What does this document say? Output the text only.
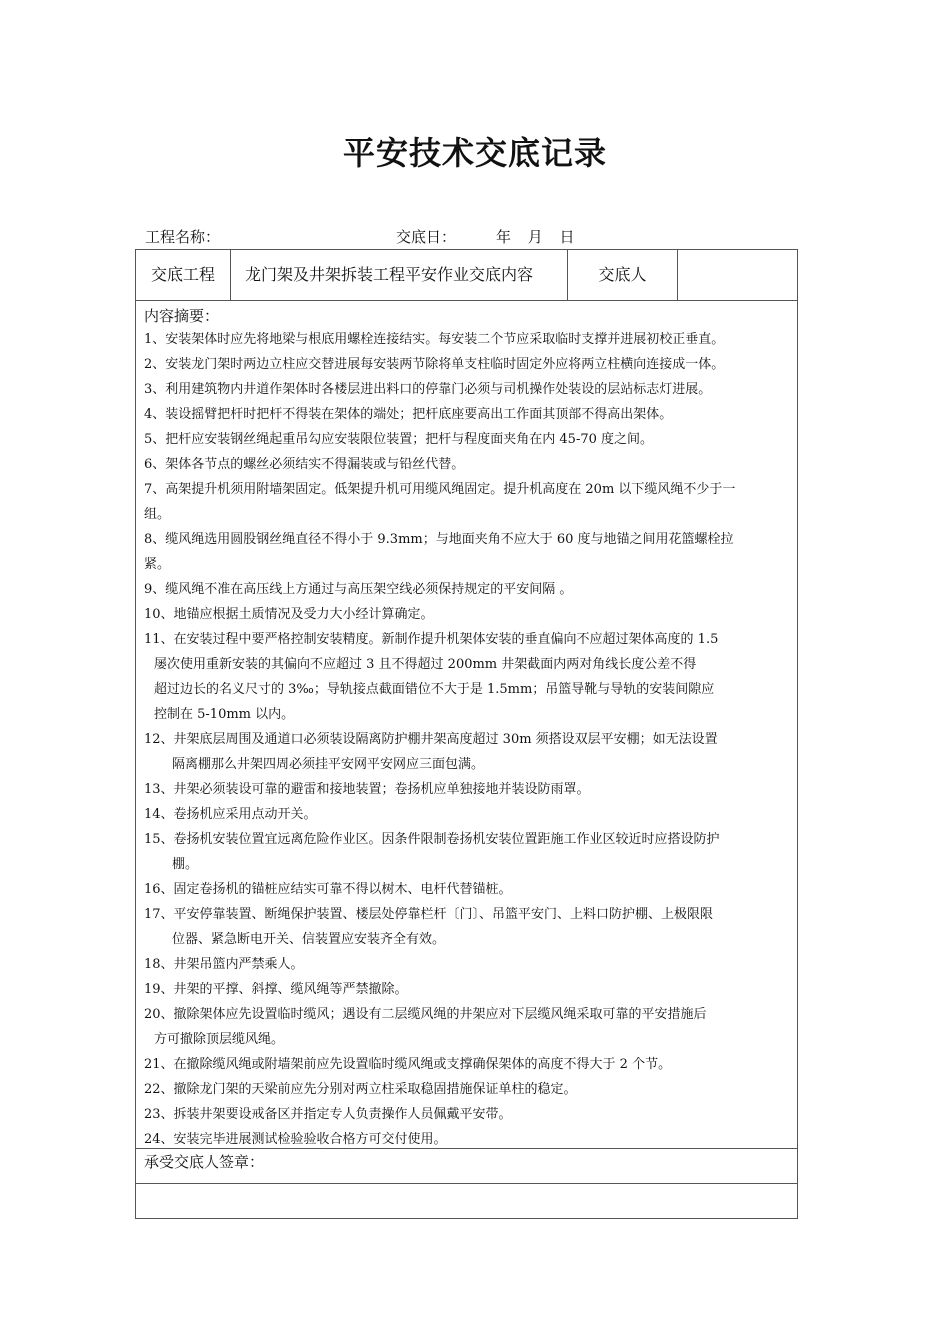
平安技术交底记录
工程名称：	交底日：	年 月 日
交底工程	龙门架及井架拆装工程平安作业交底内容	交底人
内容摘要：
1、安装架体时应先将地梁与根底用螺栓连接结实。每安装二个节应采取临时支撑并进展初校正垂直。
2、安装龙门架时两边立柱应交替进展每安装两节除将单支柱临时固定外应将两立柱横向连接成一体。
3、利用建筑物内井道作架体时各楼层进出料口的停靠门必须与司机操作处装设的层站标志灯进展。
4、装设摇臂把杆时把杆不得装在架体的端处；把杆底座要高出工作面其顶部不得高出架体。
5、把杆应安装钢丝绳起重吊勾应安装限位装置；把杆与程度面夹角在内 45-70 度之间。
6、架体各节点的螺丝必须结实不得漏装或与铅丝代替。
7、高架提升机须用附墙架固定。低架提升机可用缆风绳固定。提升机高度在 20m 以下缆风绳不少于一
组。
8、缆风绳选用圆股钢丝绳直径不得小于 9.3mm；与地面夹角不应大于 60 度与地锚之间用花篮螺栓拉
紧。
9、缆风绳不准在高压线上方通过与高压架空线必须保持规定的平安间隔 。
10、地锚应根据土质情况及受力大小经计算确定。
11、在安装过程中要严格控制安装精度。新制作提升机架体安装的垂直偏向不应超过架体高度的 1.5
屡次使用重新安装的其偏向不应超过 3 且不得超过 200mm 井架截面内两对角线长度公差不得
超过边长的名义尺寸的 3‰；导轨接点截面错位不大于是 1.5mm；吊篮导靴与导轨的安装间隙应
控制在 5-10mm 以内。
12、井架底层周围及通道口必须装设隔离防护棚井架高度超过 30m 须搭设双层平安棚；如无法设置
隔离棚那么井架四周必须挂平安网平安网应三面包满。
13、井架必须装设可靠的避雷和接地装置；卷扬机应单独接地并装设防雨罩。
14、卷扬机应采用点动开关。
15、卷扬机安装位置宜远离危险作业区。因条件限制卷扬机安装位置距施工作业区较近时应搭设防护
棚。
16、固定卷扬机的锚桩应结实可靠不得以树木、电杆代替锚桩。
17、平安停靠装置、断绳保护装置、楼层处停靠栏杆〔门〕、吊篮平安门、上料口防护棚、上极限限
位器、紧急断电开关、信装置应安装齐全有效。
18、井架吊篮内严禁乘人。
19、井架的平撑、斜撑、缆风绳等严禁撤除。
20、撤除架体应先设置临时缆风；遇设有二层缆风绳的井架应对下层缆风绳采取可靠的平安措施后
方可撤除顶层缆风绳。
21、在撤除缆风绳或附墙架前应先设置临时缆风绳或支撑确保架体的高度不得大于 2 个节。
22、撤除龙门架的天梁前应先分别对两立柱采取稳固措施保证单柱的稳定。
23、拆装井架要设戒备区并指定专人负责操作人员佩戴平安带。
24、安装完毕进展测试检验验收合格方可交付使用。
承受交底人签章：
